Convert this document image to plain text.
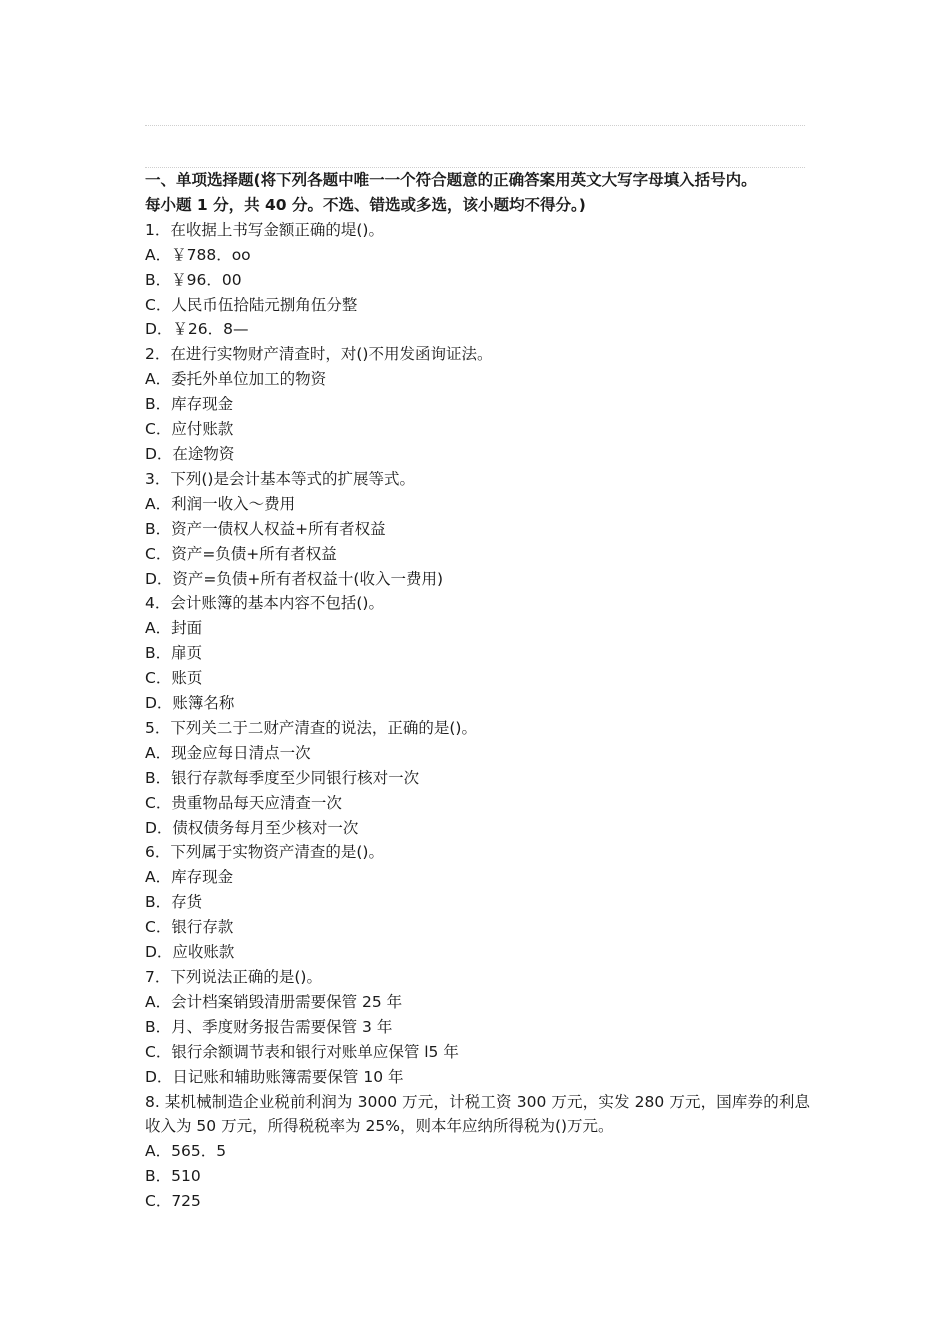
一、单项选择题(将下列各题中唯一一个符合题意的正确答案用英文大写字母填入括号内。
每小题 1 分，共 40 分。不选、错选或多选，该小题均不得分。)
1．在收据上书写金额正确的堤()。
A．￥788．oo
B．￥96．00
C．人民币伍拾陆元捌角伍分整
D．￥26．8—
2．在进行实物财产清查时，对()不用发函询证法。
A．委托外单位加工的物资
B．库存现金
C．应付账款
D．在途物资
3．下列()是会计基本等式的扩展等式。
A．利润一收入～费用
B．资产一债权人权益+所有者权益
C．资产=负债+所有者权益
D．资产=负债+所有者权益十(收入一费用)
4．会计账簿的基本内容不包括()。
A．封面
B．扉页
C．账页
D．账簿名称
5．下列关二于二财产清查的说法，正确的是()。
A．现金应每日清点一次
B．银行存款每季度至少同银行核对一次
C．贵重物品每天应清查一次
D．债权债务每月至少核对一次
6．下列属于实物资产清查的是()。
A．库存现金
B．存货
C．银行存款
D．应收账款
7．下列说法正确的是()。
A．会计档案销毁清册需要保管 25 年
B．月、季度财务报告需要保管 3 年
C．银行余额调节表和银行对账单应保管 l5 年
D．日记账和辅助账簿需要保管 10 年
8. 某机械制造企业税前利润为 3000 万元，计税工资 300 万元，实发 280 万元，国库券的利息收入为 50 万元，所得税税率为 25%，则本年应纳所得税为()万元。
A．565．5
B．510
C．725
